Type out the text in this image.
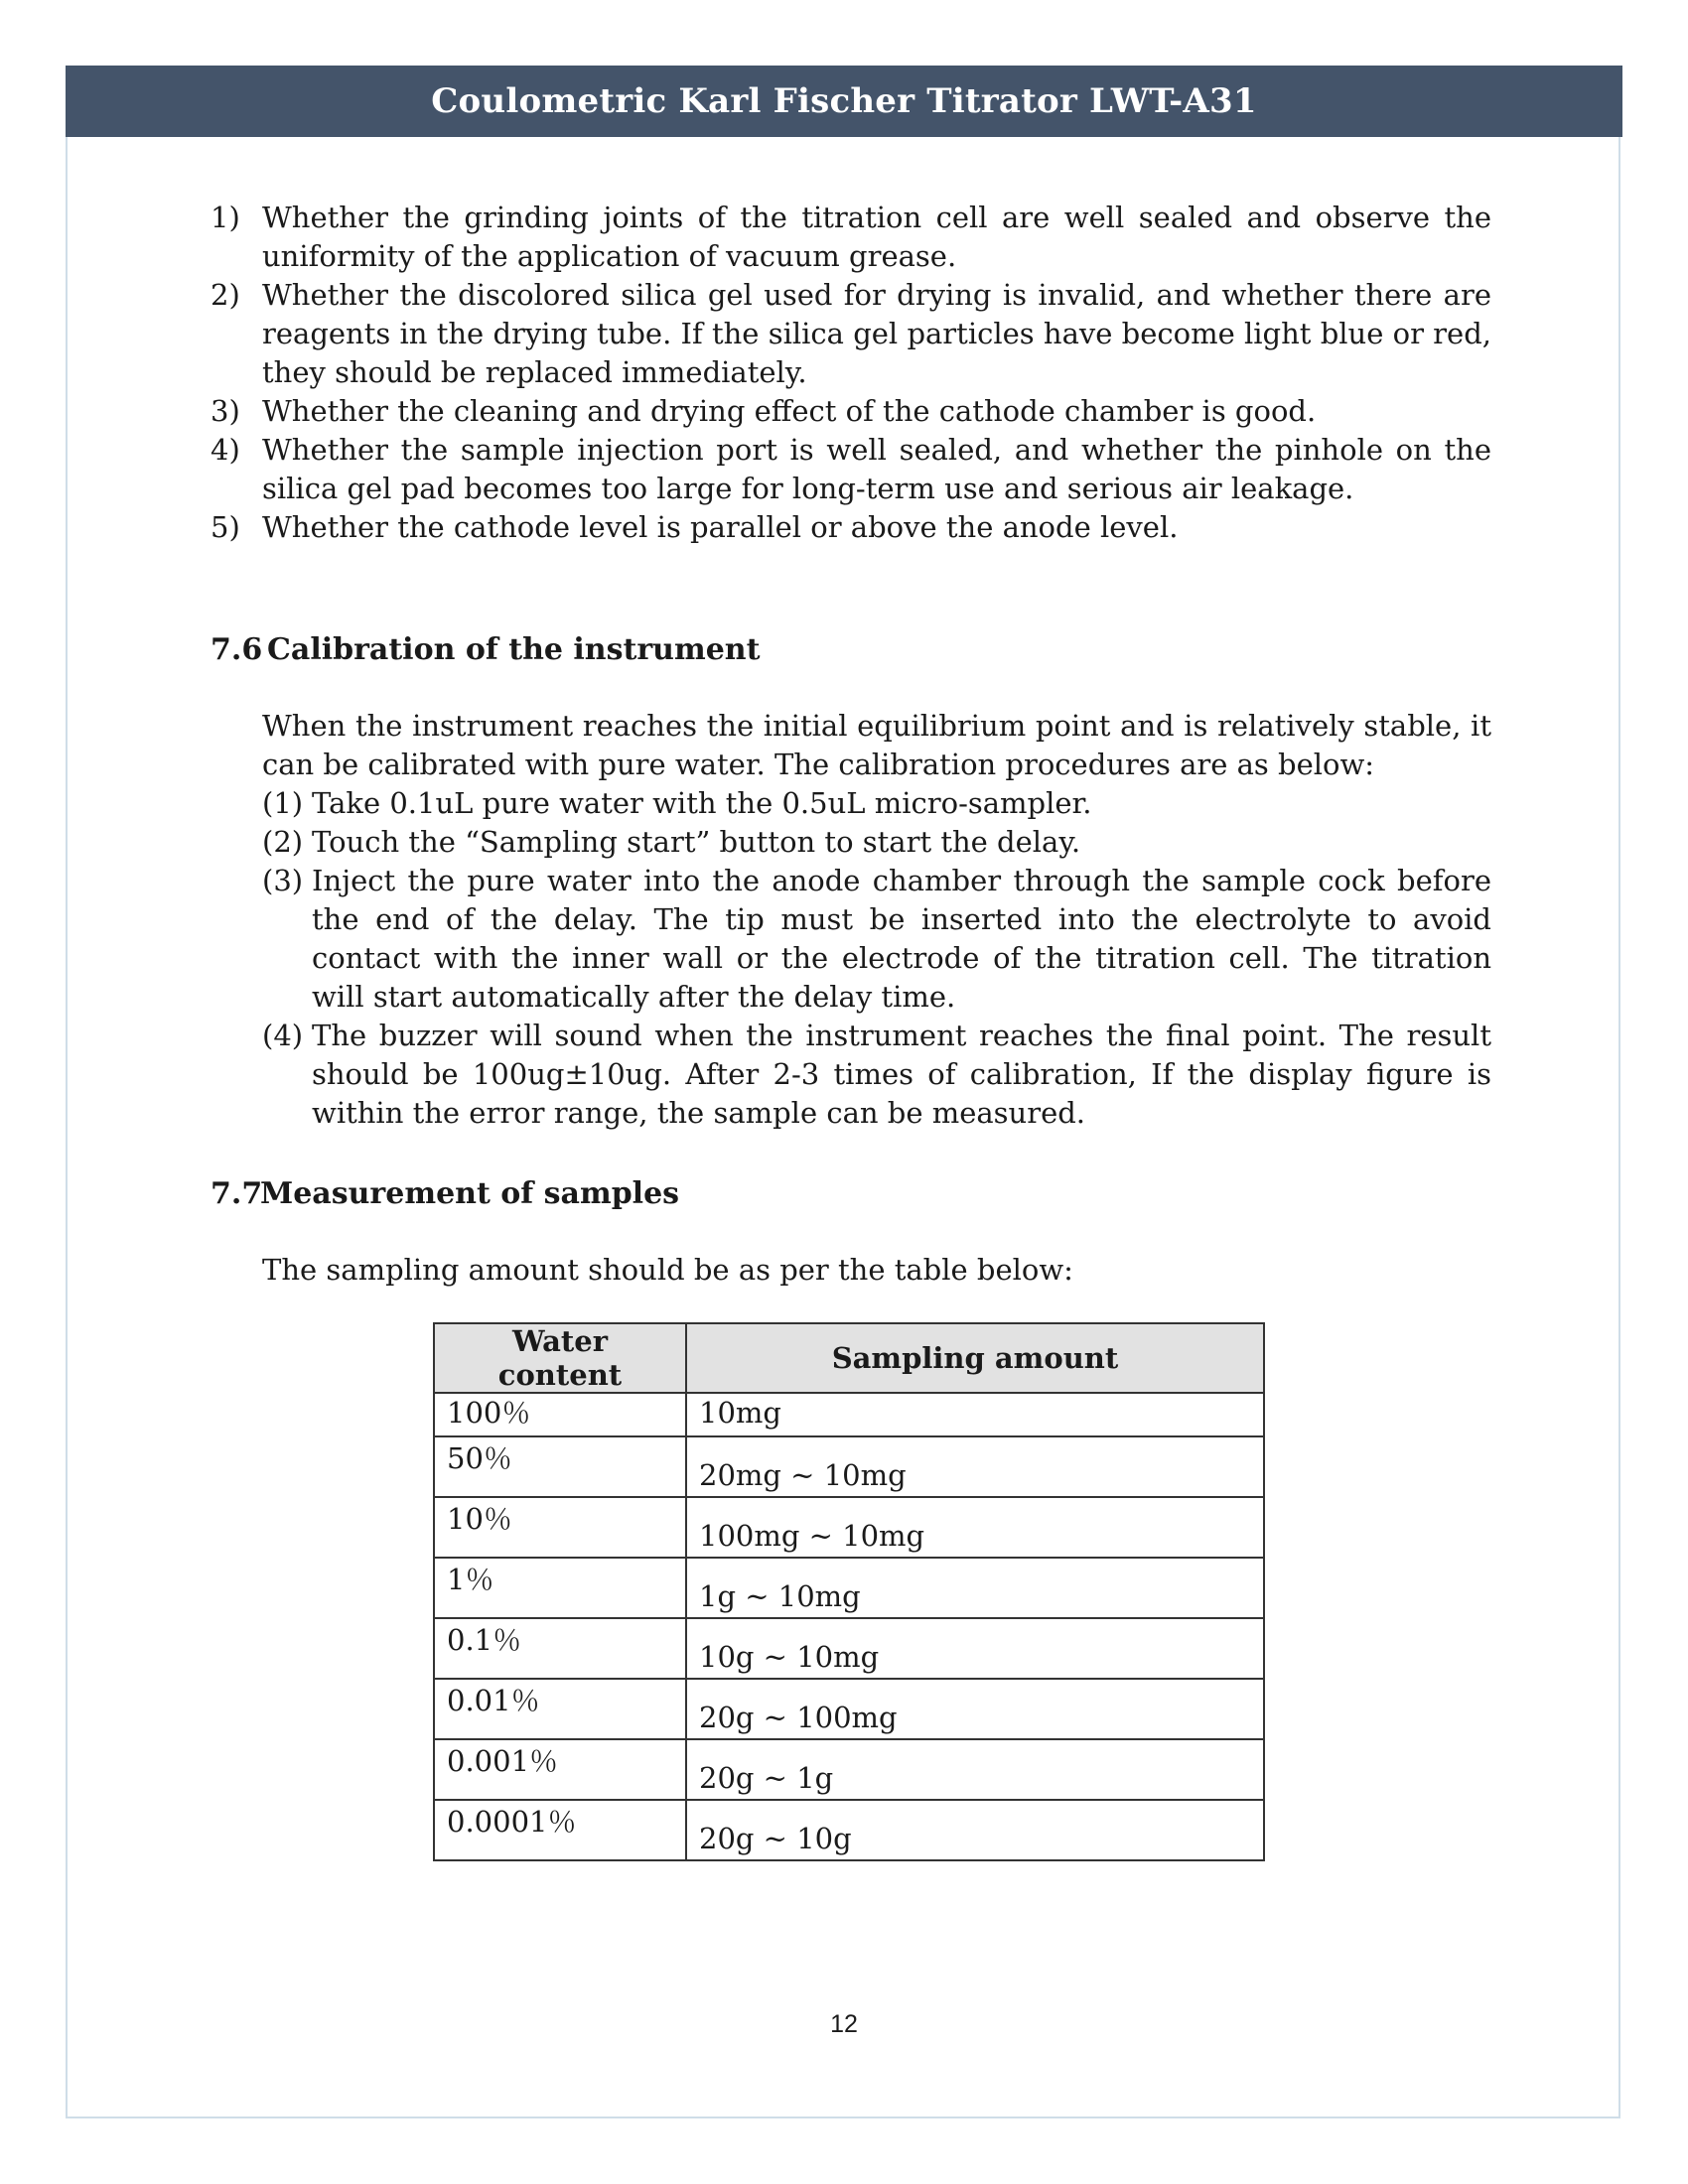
Coulometric Karl Fischer Titrator LWT-A31
1) Whether the grinding joints of the titration cell are well sealed and observe the uniformity of the application of vacuum grease.
2) Whether the discolored silica gel used for drying is invalid, and whether there are reagents in the drying tube. If the silica gel particles have become light blue or red, they should be replaced immediately.
3) Whether the cleaning and drying effect of the cathode chamber is good.
4) Whether the sample injection port is well sealed, and whether the pinhole on the silica gel pad becomes too large for long-term use and serious air leakage.
5) Whether the cathode level is parallel or above the anode level.
7.6 Calibration of the instrument

When the instrument reaches the initial equilibrium point and is relatively stable, it can be calibrated with pure water. The calibration procedures are as below:

(1) Take 0.1uL pure water with the 0.5uL micro-sampler.
(2) Touch the “Sampling start” button to start the delay.
(3) Inject the pure water into the anode chamber through the sample cock before the end of the delay. The tip must be inserted into the electrolyte to avoid contact with the inner wall or the electrode of the titration cell. The titration will start automatically after the delay time.
(4) The buzzer will sound when the instrument reaches the final point. The result should be 100ug±10ug. After 2-3 times of calibration, If the display figure is within the error range, the sample can be measured.
7.7Measurement of samples

The sampling amount should be as per the table below:

Water content	Sampling amount
100％	10mg
50％	20mg ~ 10mg
10％	100mg ~ 10mg
1％	1g ~ 10mg
0.1％	10g ~ 10mg
0.01％	20g ~ 100mg
0.001％	20g ~ 1g
0.0001％	20g ~ 10g
12
